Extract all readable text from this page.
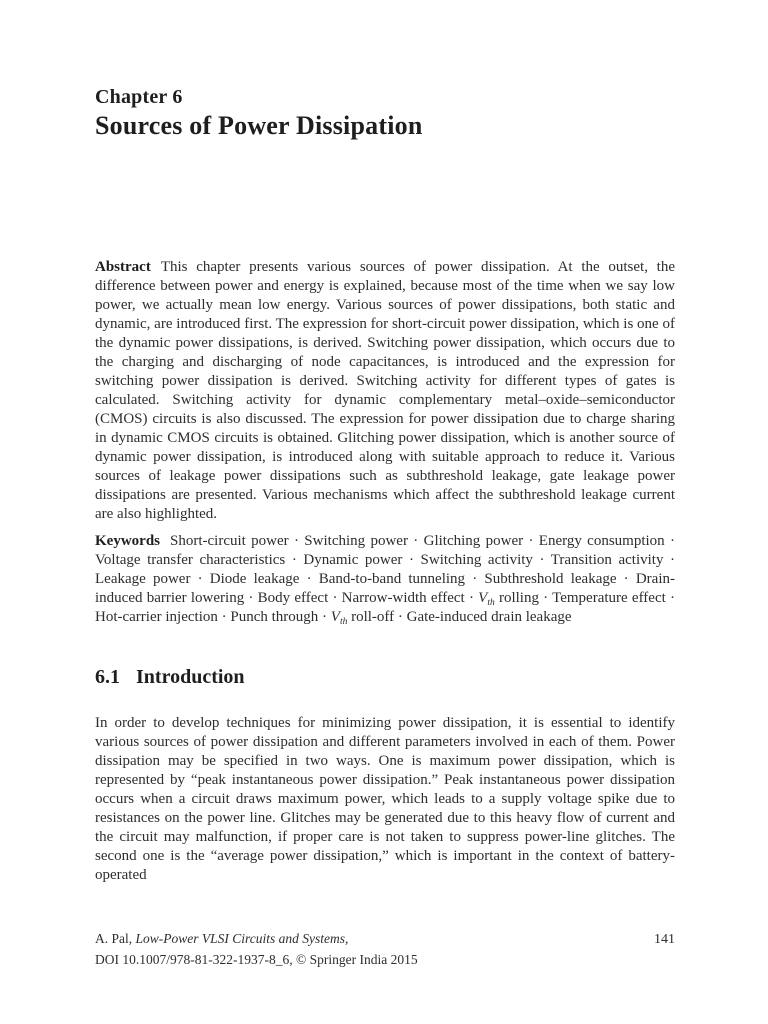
Chapter 6
Sources of Power Dissipation

Abstract This chapter presents various sources of power dissipation. At the outset, the difference between power and energy is explained, because most of the time when we say low power, we actually mean low energy. Various sources of power dissipations, both static and dynamic, are introduced first. The expression for short-circuit power dissipation, which is one of the dynamic power dissipations, is derived. Switching power dissipation, which occurs due to the charging and discharging of node capacitances, is introduced and the expression for switching power dissipation is derived. Switching activity for different types of gates is calculated. Switching activity for dynamic complementary metal–oxide–semiconductor (CMOS) circuits is also discussed. The expression for power dissipation due to charge sharing in dynamic CMOS circuits is obtained. Glitching power dissipation, which is another source of dynamic power dissipation, is introduced along with suitable approach to reduce it. Various sources of leakage power dissipations such as subthreshold leakage, gate leakage power dissipations are presented. Various mechanisms which affect the subthreshold leakage current are also highlighted.

Keywords Short-circuit power · Switching power · Glitching power · Energy consumption · Voltage transfer characteristics · Dynamic power · Switching activity · Transition activity · Leakage power · Diode leakage · Band-to-band tunneling · Subthreshold leakage · Drain-induced barrier lowering · Body effect · Narrow-width effect · $V_{th}$ rolling · Temperature effect · Hot-carrier injection · Punch through · $V_{th}$ roll-off · Gate-induced drain leakage

6.1 Introduction

In order to develop techniques for minimizing power dissipation, it is essential to identify various sources of power dissipation and different parameters involved in each of them. Power dissipation may be specified in two ways. One is maximum power dissipation, which is represented by “peak instantaneous power dissipation.” Peak instantaneous power dissipation occurs when a circuit draws maximum power, which leads to a supply voltage spike due to resistances on the power line. Glitches may be generated due to this heavy flow of current and the circuit may malfunction, if proper care is not taken to suppress power-line glitches. The second one is the “average power dissipation,” which is important in the context of battery-operated

A. Pal, Low-Power VLSI Circuits and Systems,	141
DOI 10.1007/978-81-322-1937-8_6, © Springer India 2015
